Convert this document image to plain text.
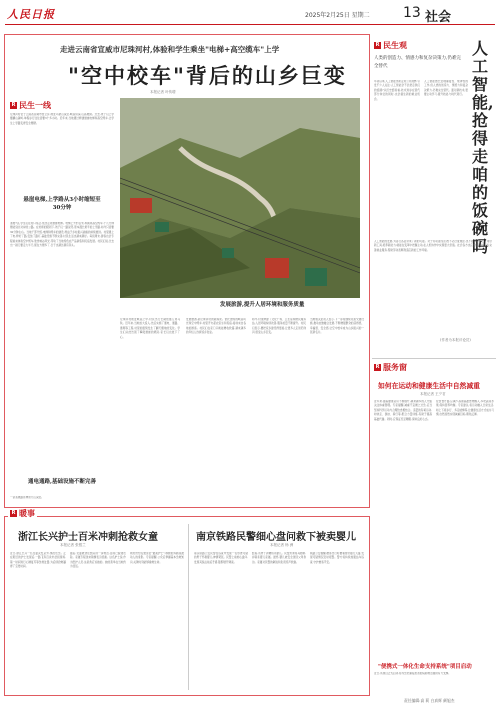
人民日报	2025年2月25日 星期二 13 社会
走进云南省宣威市尼珠河村,体验和学生乘坐"电梯+高空缆车"上学
"空中校车"背后的山乡巨变
本报记者 叶传增
发展旅游,提升人居环境和服务质量
R 民生一线
尼珠河村位于云南省宣威市普立乡,地处乌蒙山深处,峡谷纵深,山高坡陡。过去,孩子们上学要翻山越岭,单程步行往往需要3个多小时。近年来,当地通过修建悬崖电梯和高空缆车,让学生上学路变得安全便捷。
悬崖电梯,上学路从3小时缩短至30分钟
清晨7点,学生们在村口集合,依次走进悬崖电梯。电梯上升约百米,再换乘高空缆车,十几分钟便能到达对岸的公路。在老师的陪同下,孩子们一路说笑,原本漫长艰辛的上学路,如今只需要30分钟左右。当地干部介绍,电梯和缆车的建设,得益于乡村振兴战略的持续推进。村里通上了电,修好了路,安装了路灯,基础设施不断完善,村民生活也越来越好。每到周末,游客也会专程前来体验空中缆车,欣赏峡谷风光,带动了当地特色农产品销售和民宿发展。村民们说,过去出一趟门要走大半天,现在方便多了,日子也越过越有奔头。
通电通路,基础设施不断完善
一条条道路延伸进大山深处。
尼珠河村地处峡谷之中,村民出行长期依靠人背马驮。近年来,当地加大投入,先后实施了通电、通路、通网等工程,村里的面貌发生了翻天覆地的变化。学生们从此告别了攀爬悬崖的艰险,家长们也放下了心。
发展旅游,是尼珠河村的新探索。依托独特的峡谷风光和空中缆车,村里开办起农家乐和民宿,接待来自各地的游客。村民们在家门口就能增收致富,越来越多的年轻人选择返乡创业。
如今,村里修建了文化广场、卫生室和便民服务站,人居环境持续改善,服务质量不断提升。村民们表示,要把家乡建设得更美,让更多人走进尼珠河,感受山乡巨变。
当地相关负责人表示,下一步将继续完善交通设施,推动农旅融合发展,不断增强群众的获得感、幸福感、安全感,让空中校车成为山乡振兴的一张新名片。
R 民生观
人类的创造力、情感力和复杂决策力,仍难完全替代
人工智能,抢得走咱的饭碗吗
年初以来,人工智能迅速走进公众视野,引发不少人关注:人工智能会不会抢走我们的饭碗?从历史经验看,技术进步在替代部分岗位的同时,也会催生新的就业机会。
人工智能擅长处理重复性、规律性的工作,但人类的创造力、情感力和复杂决策力,仍难完全替代。面对新技术,更要主动学习,提升技能,与时代同行。
人工智能的发展,为各行各业带来了新的可能。对于劳动者而言,既不必过度焦虑,也不能掉以轻心。用好新工具,培养新能力,就能在变革中把握主动,在人机协作中实现更大价值。社会各方也应加强职业培训,完善就业服务,帮助劳动者顺利适应新的工作环境。
(作者为本报评论员)
R 服务窗
如何在运动和健康生活中自然减重
本报记者 王夕茗
近年来,随着健康意识不断提升,越来越多的人开始关注体重管理。专家提醒,减重不宜操之过急,应当坚持科学运动与合理饮食相结合。适量的有氧运动,如快走、游泳、骑行等,配合力量训练,有助于提高基础代谢。同时,应保证充足睡眠,保持良好心态。
在饮食方面,应减少高油高盐食物摄入,多吃蔬菜水果,保持营养均衡。专家建议,将运动融入日常生活,如上下班步行、多走楼梯等,让健康生活方式成为习惯,自然而然实现减重目标,避免反弹。
"便携式一体化生命支持系统"项目启动
近日,该项目正式启动,将为急危重症患者的院前救治提供有力支撑。
R 暖事
浙江长兴护士百米冲刺抢救女童
本报记者 张银兰
近日,浙江长兴一名女童突发意外,情况危急。正在附近的护士发现后,一路飞奔百余米赶到现场,第一时间进行心肺复苏等急救处置,为后续抢救赢得了宝贵时间。
随后,女童被送往医院进一步救治,目前已脱离危险。家属专程送来锦旗表示感谢。这名护士说,作为医护人员,这是我应该做的。她的善举在当地传为佳话。
网友纷纷点赞这位"最美护士",称她的奔跑是最动人的身影。专家提醒,公众应掌握基本急救知识,关键时刻能够挽救生命。
南京铁路民警细心盘问救下被卖婴儿
本报记者 杨 洲
南京铁路公安民警在巡查中发现一名形迹可疑的男子怀抱婴儿,神情紧张。民警上前细心盘问,发现其说法前后矛盾,随即展开调查。
经查,该男子涉嫌拐卖婴儿。民警迅速将其控制,并联系婴儿家属。最终,婴儿被安全送回父母身边。家属对民警的敏锐和负责连声致谢。
铁路公安提醒,旅客出行时要看管好随行儿童,发现可疑情况及时报警。警方将持续加强站车巡查,守护旅客平安。
责任编辑:高 莉 白真辉 颜旭杰
